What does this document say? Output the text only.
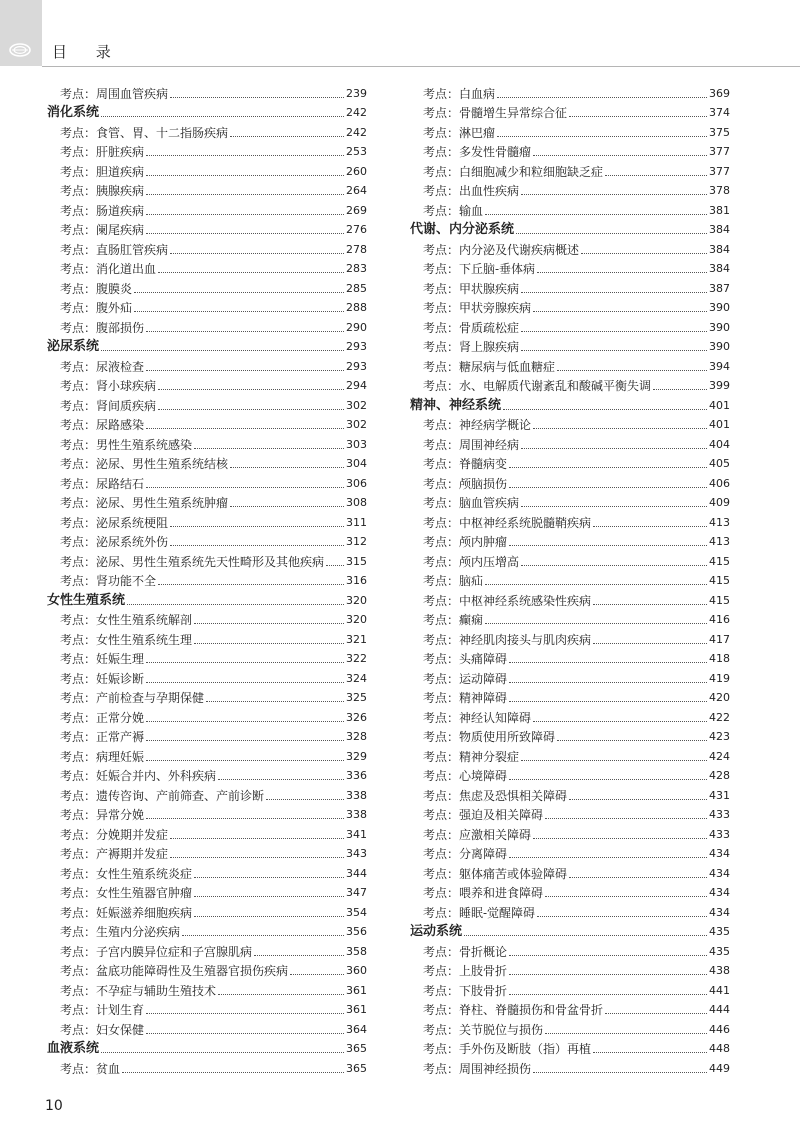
目 录
考点：周围血管疾病	239
消化系统	242
考点：食管、胃、十二指肠疾病	242
考点：肝脏疾病	253
考点：胆道疾病	260
考点：胰腺疾病	264
考点：肠道疾病	269
考点：阑尾疾病	276
考点：直肠肛管疾病	278
考点：消化道出血	283
考点：腹膜炎	285
考点：腹外疝	288
考点：腹部损伤	290
泌尿系统	293
考点：尿液检查	293
考点：肾小球疾病	294
考点：肾间质疾病	302
考点：尿路感染	302
考点：男性生殖系统感染	303
考点：泌尿、男性生殖系统结核	304
考点：尿路结石	306
考点：泌尿、男性生殖系统肿瘤	308
考点：泌尿系统梗阻	311
考点：泌尿系统外伤	312
考点：泌尿、男性生殖系统先天性畸形及其他疾病 315
考点：肾功能不全	316
女性生殖系统	320
考点：女性生殖系统解剖	320
考点：女性生殖系统生理	321
考点：妊娠生理	322
考点：妊娠诊断	324
考点：产前检查与孕期保健	325
考点：正常分娩	326
考点：正常产褥	328
考点：病理妊娠	329
考点：妊娠合并内、外科疾病	336
考点：遗传咨询、产前筛查、产前诊断	338
考点：异常分娩	338
考点：分娩期并发症	341
考点：产褥期并发症	343
考点：女性生殖系统炎症	344
考点：女性生殖器官肿瘤	347
考点：妊娠滋养细胞疾病	354
考点：生殖内分泌疾病	356
考点：子宫内膜异位症和子宫腺肌病	358
考点：盆底功能障碍性及生殖器官损伤疾病	360
考点：不孕症与辅助生殖技术	361
考点：计划生育	361
考点：妇女保健	364
血液系统	365
考点：贫血	365
考点：白血病	369
考点：骨髓增生异常综合征	374
考点：淋巴瘤	375
考点：多发性骨髓瘤	377
考点：白细胞减少和粒细胞缺乏症	377
考点：出血性疾病	378
考点：输血	381
代谢、内分泌系统	384
考点：内分泌及代谢疾病概述	384
考点：下丘脑-垂体病	384
考点：甲状腺疾病	387
考点：甲状旁腺疾病	390
考点：骨质疏松症	390
考点：肾上腺疾病	390
考点：糖尿病与低血糖症	394
考点：水、电解质代谢紊乱和酸碱平衡失调	399
精神、神经系统	401
考点：神经病学概论	401
考点：周围神经病	404
考点：脊髓病变	405
考点：颅脑损伤	406
考点：脑血管疾病	409
考点：中枢神经系统脱髓鞘疾病	413
考点：颅内肿瘤	413
考点：颅内压增高	415
考点：脑疝	415
考点：中枢神经系统感染性疾病	415
考点：癫痫	416
考点：神经肌肉接头与肌肉疾病	417
考点：头痛障碍	418
考点：运动障碍	419
考点：精神障碍	420
考点：神经认知障碍	422
考点：物质使用所致障碍	423
考点：精神分裂症	424
考点：心境障碍	428
考点：焦虑及恐惧相关障碍	431
考点：强迫及相关障碍	433
考点：应激相关障碍	433
考点：分离障碍	434
考点：躯体痛苦或体验障碍	434
考点：喂养和进食障碍	434
考点：睡眠-觉醒障碍	434
运动系统	435
考点：骨折概论	435
考点：上肢骨折	438
考点：下肢骨折	441
考点：脊柱、脊髓损伤和骨盆骨折	444
考点：关节脱位与损伤	446
考点：手外伤及断肢（指）再植	448
考点：周围神经损伤	449
10
